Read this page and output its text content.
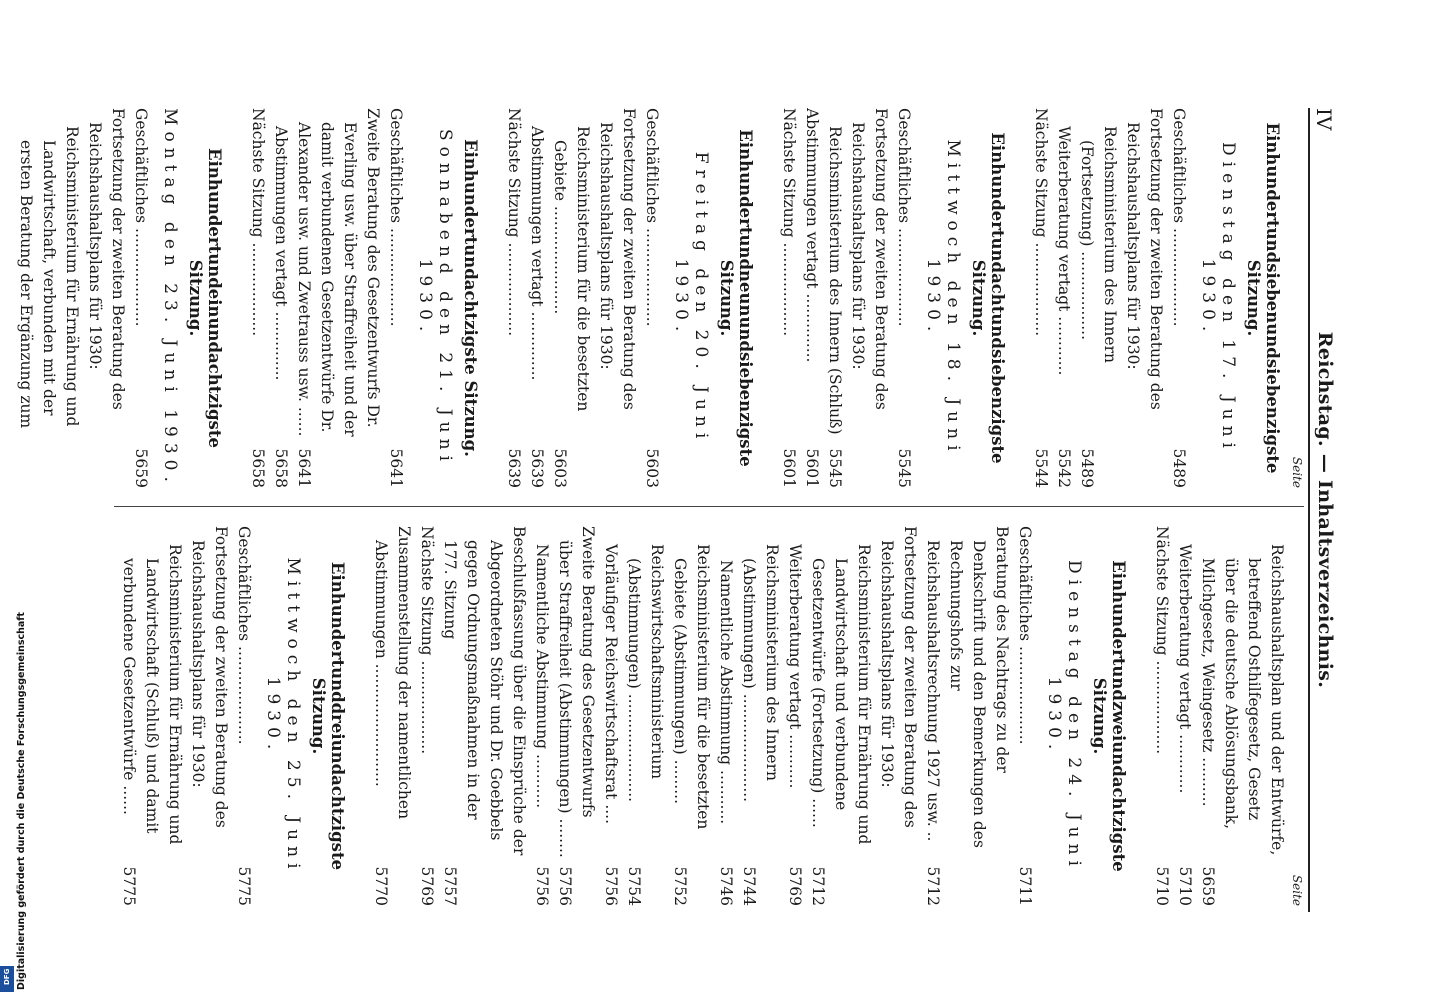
IV
Reichstag. — Inhaltsverzeichnis.
Seite
Einhundertundsiebenundsiebenzigste Sitzung.
Dienstag den 17. Juni 1930.
Geschäftliches ....................
5489
Fortsetzung der zweiten Beratung des Reichshaushaltsplans für 1930:
Reichsministerium des Innern (Fortsetzung) ..................
5489
Weiterberatung vertagt ............
5542
Nächste Sitzung ...................
5544
Einhundertundachtundsiebenzigste Sitzung.
Mittwoch den 18. Juni 1930.
Geschäftliches ....................
5545
Fortsetzung der zweiten Beratung des Reichshaushaltsplans für 1930:
Reichsministerium des Innern (Schluß)
5545
Abstimmungen vertagt ..............
5601
Nächste Sitzung ...................
5601
Einhundertundneunundsiebenzigste Sitzung.
Freitag den 20. Juni 1930.
Geschäftliches ....................
5603
Fortsetzung der zweiten Beratung des Reichshaushaltsplans für 1930:
Reichsministerium für die besetzten Gebiete ......................
5603
Abstimmungen vertagt ..............
5639
Nächste Sitzung ...................
5639
Einhundertundachtzigste Sitzung.
Sonnabend den 21. Juni 1930.
Geschäftliches ....................
5641
Zweite Beratung des Gesetzentwurfs Dr. Everling usw. über Straffreiheit und der damit verbundenen Gesetzentwürfe Dr. Alexander usw. und Zwetrauss usw. ......
5641
Abstimmungen vertagt ..............
5658
Nächste Sitzung ...................
5658
Einhundertundeinundachtzigste Sitzung.
Montag den 23. Juni 1930.
Geschäftliches ....................
5659
Fortsetzung der zweiten Beratung des Reichshaushaltsplans für 1930:
Reichsministerium für Ernährung und Landwirtschaft, verbunden mit der ersten Beratung der Ergänzung zum
Seite
Reichshaushaltsplan und der Entwürfe, betreffend Osthilfegesetz, Gesetz über die deutsche Ablösungsbank, Milchgesetz, Weingesetz ..........
5659
Weiterberatung vertagt ............
5710
Nächste Sitzung ...................
5710
Einhundertundzweiundachtzigste Sitzung.
Dienstag den 24. Juni 1930.
Geschäftliches ....................
5711
Beratung des Nachtrags zu der Denkschrift und den Bemerkungen des Rechnungshofs zur Reichshaushaltsrechnung 1927 usw. ..
5712
Fortsetzung der zweiten Beratung des Reichshaushaltsplans für 1930:
Reichsministerium für Ernährung und Landwirtschaft und verbundene Gesetzentwürfe (Fortsetzung) ......
5712
Weiterberatung vertagt ...........
5769
Reichsministerium des Innern (Abstimmungen) ......................
5744
Namentliche Abstimmung ...........
5746
Reichsministerium für die besetzten Gebiete (Abstimmungen) .........
5752
Reichswirtschaftsministerium (Abstimmungen) ......................
5754
Vorläufiger Reichswirtschaftsrat ....
5756
Zweite Beratung des Gesetzentwurfs über Straffreiheit (Abstimmungen) ........
5756
Namentliche Abstimmung ...........
5756
Beschlußfassung über die Einsprüche der Abgeordneten Stöhr und Dr. Goebbels gegen Ordnungsmaßnahmen in der 177. Sitzung
5757
Nächste Sitzung ...................
5769
Zusammenstellung der namentlichen Abstimmungen .........................
5770
Einhundertunddreiundachtzigste Sitzung.
Mittwoch den 25. Juni 1930.
Geschäftliches ....................
5775
Fortsetzung der zweiten Beratung des Reichshaushaltsplans für 1930:
Reichsministerium für Ernährung und Landwirtschaft (Schluß) und damit verbundene Gesetzentwürfe ......
5775
Digitalisierung gefördert durch die Deutsche Forschungsgemeinschaft
DFG
